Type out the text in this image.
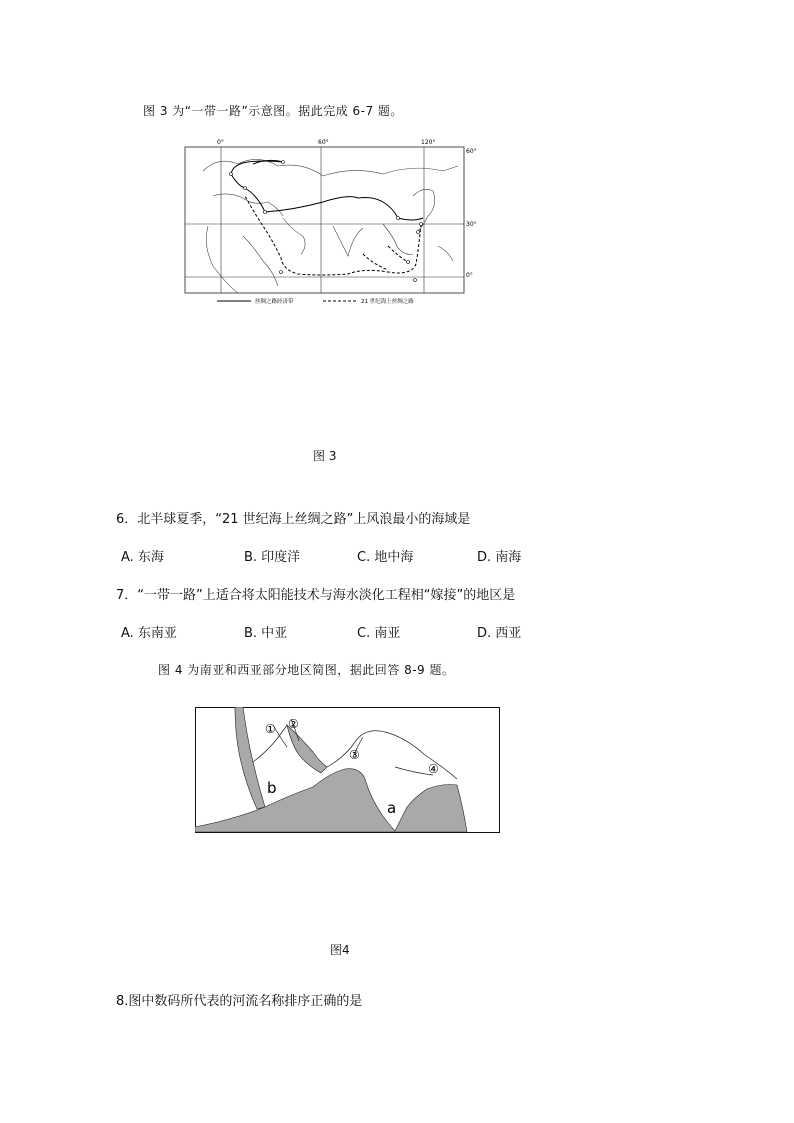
图 3 为“一带一路”示意图。据此完成 6-7 题。
0°	60°	120°
60°
30°
0°
丝绸之路经济带	21 世纪海上丝绸之路
图 3
6．北半球夏季，“21 世纪海上丝绸之路”上风浪最小的海域是
A. 东海	B. 印度洋	C. 地中海	D. 南海
7．“一带一路”上适合将太阳能技术与海水淡化工程相“嫁接”的地区是
A. 东南亚	B. 中亚	C. 南亚	D. 西亚
图 4 为南亚和西亚部分地区简图，据此回答 8-9 题。
① ②
③
④
b
a
图4
8.图中数码所代表的河流名称排序正确的是
